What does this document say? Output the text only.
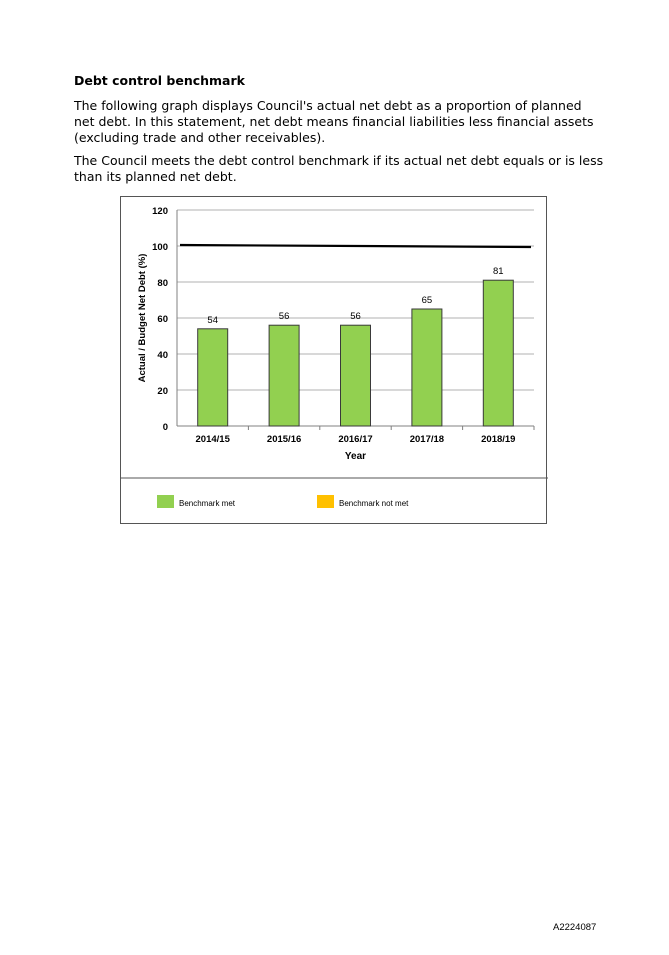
Debt control benchmark

The following graph displays Council's actual net debt as a proportion of planned net debt. In this statement, net debt means financial liabilities less financial assets (excluding trade and other receivables).

The Council meets the debt control benchmark if its actual net debt equals or is less than its planned net debt.

0
20
40
60
80
100
120
54
2014/15
56
2015/16
56
2016/17
65
2017/18
81
2018/19
Year
Actual / Budget Net Debt (%)
Benchmark met	Benchmark not met
A2224087
